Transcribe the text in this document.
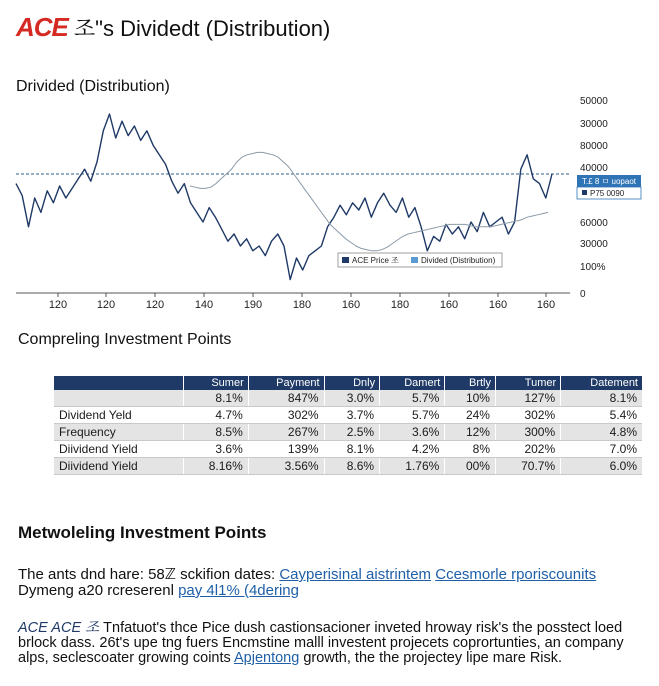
ACE 조"s Dividedt (Distribution)
Drivided (Distribution)
50000
30000
80000
40000
60000
30000
100%
0
120	120	120	140	190	180	160	180	160	160	160
ACE Price 조	Divided (Distribution)
T.£ 8 ㅁ uopaot
P75 0090
Compreling Investment Points
	Sumer	Payment	Dnly	Damert	Brtly	Tumer	Datement
	8.1%	847%	3.0%	5.7%	10%	127%	8.1%
Dividend Yeld	4.7%	302%	3.7%	5.7%	24%	302%	5.4%
Frequency	8.5%	267%	2.5%	3.6%	12%	300%	4.8%
Diividend Yield	3.6%	139%	8.1%	4.2%	8%	202%	7.0%
Diividend Yield	8.16%	3.56%	8.6%	1.76%	00%	70.7%	6.0%
Metwoleling Investment Points
The ants dnd hare: 58ℤ sckifion dates: Cayperisinal aistrintem Ccesmorle rporiscounits
Dymeng a20 rcreserenl pay 4l1% (4dering
ACE ACE 조 Tnfatuot's thce Pice dush castionsacioner inveted hroway risk's the posstect loed brlock dass. 26t's upe tng fuers Encmstine malll investent projecets coprortunties, an company alps, seclescoater growing coints Apjentong growth, the the projectey lipe mare Risk.
